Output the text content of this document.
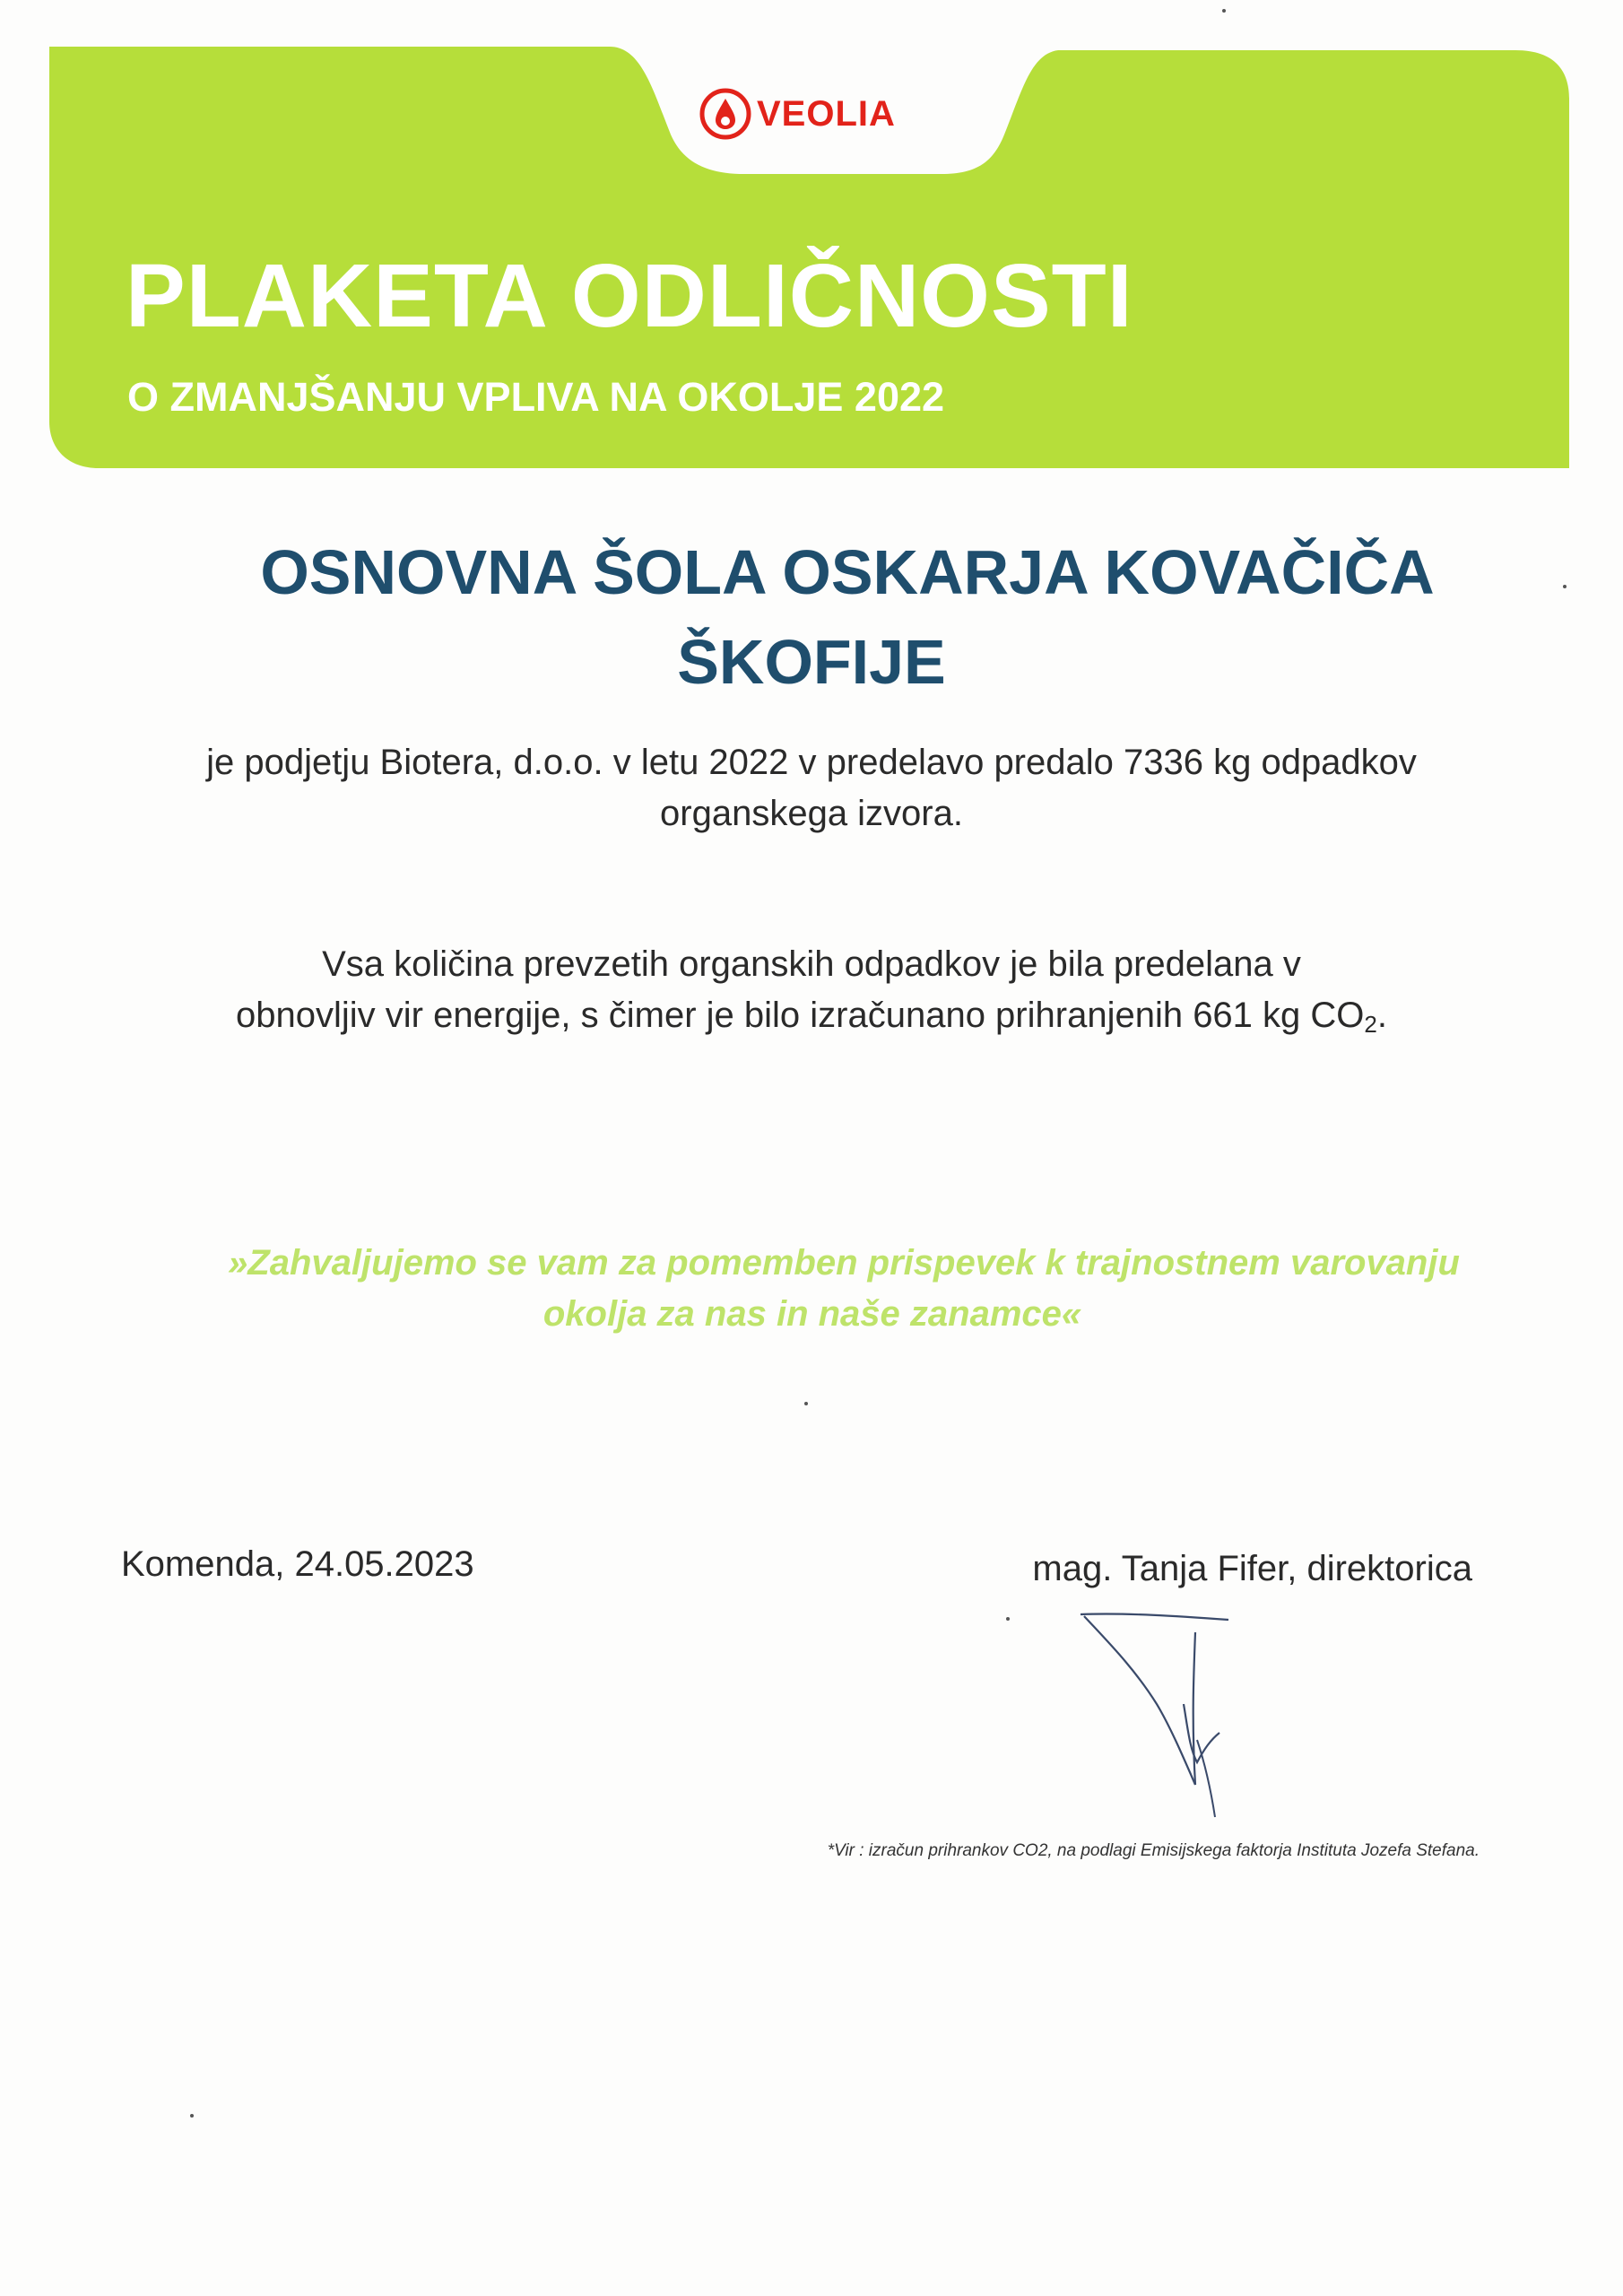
VEOLIA
PLAKETA ODLIČNOSTI
O ZMANJŠANJU VPLIVA NA OKOLJE 2022
OSNOVNA ŠOLA OSKARJA KOVAČIČA
ŠKOFIJE
je podjetju Biotera, d.o.o. v letu 2022 v predelavo predalo 7336 kg odpadkov
organskega izvora.
Vsa količina prevzetih organskih odpadkov je bila predelana v
obnovljiv vir energije, s čimer je bilo izračunano prihranjenih 661 kg $CO_2$.
»Zahvaljujemo se vam za pomemben prispevek k trajnostnem varovanju
okolja za nas in naše zanamce«
Komenda, 24.05.2023	mag. Tanja Fifer, direktorica
*Vir : izračun prihrankov CO2, na podlagi Emisijskega faktorja Instituta Jozefa Stefana.
